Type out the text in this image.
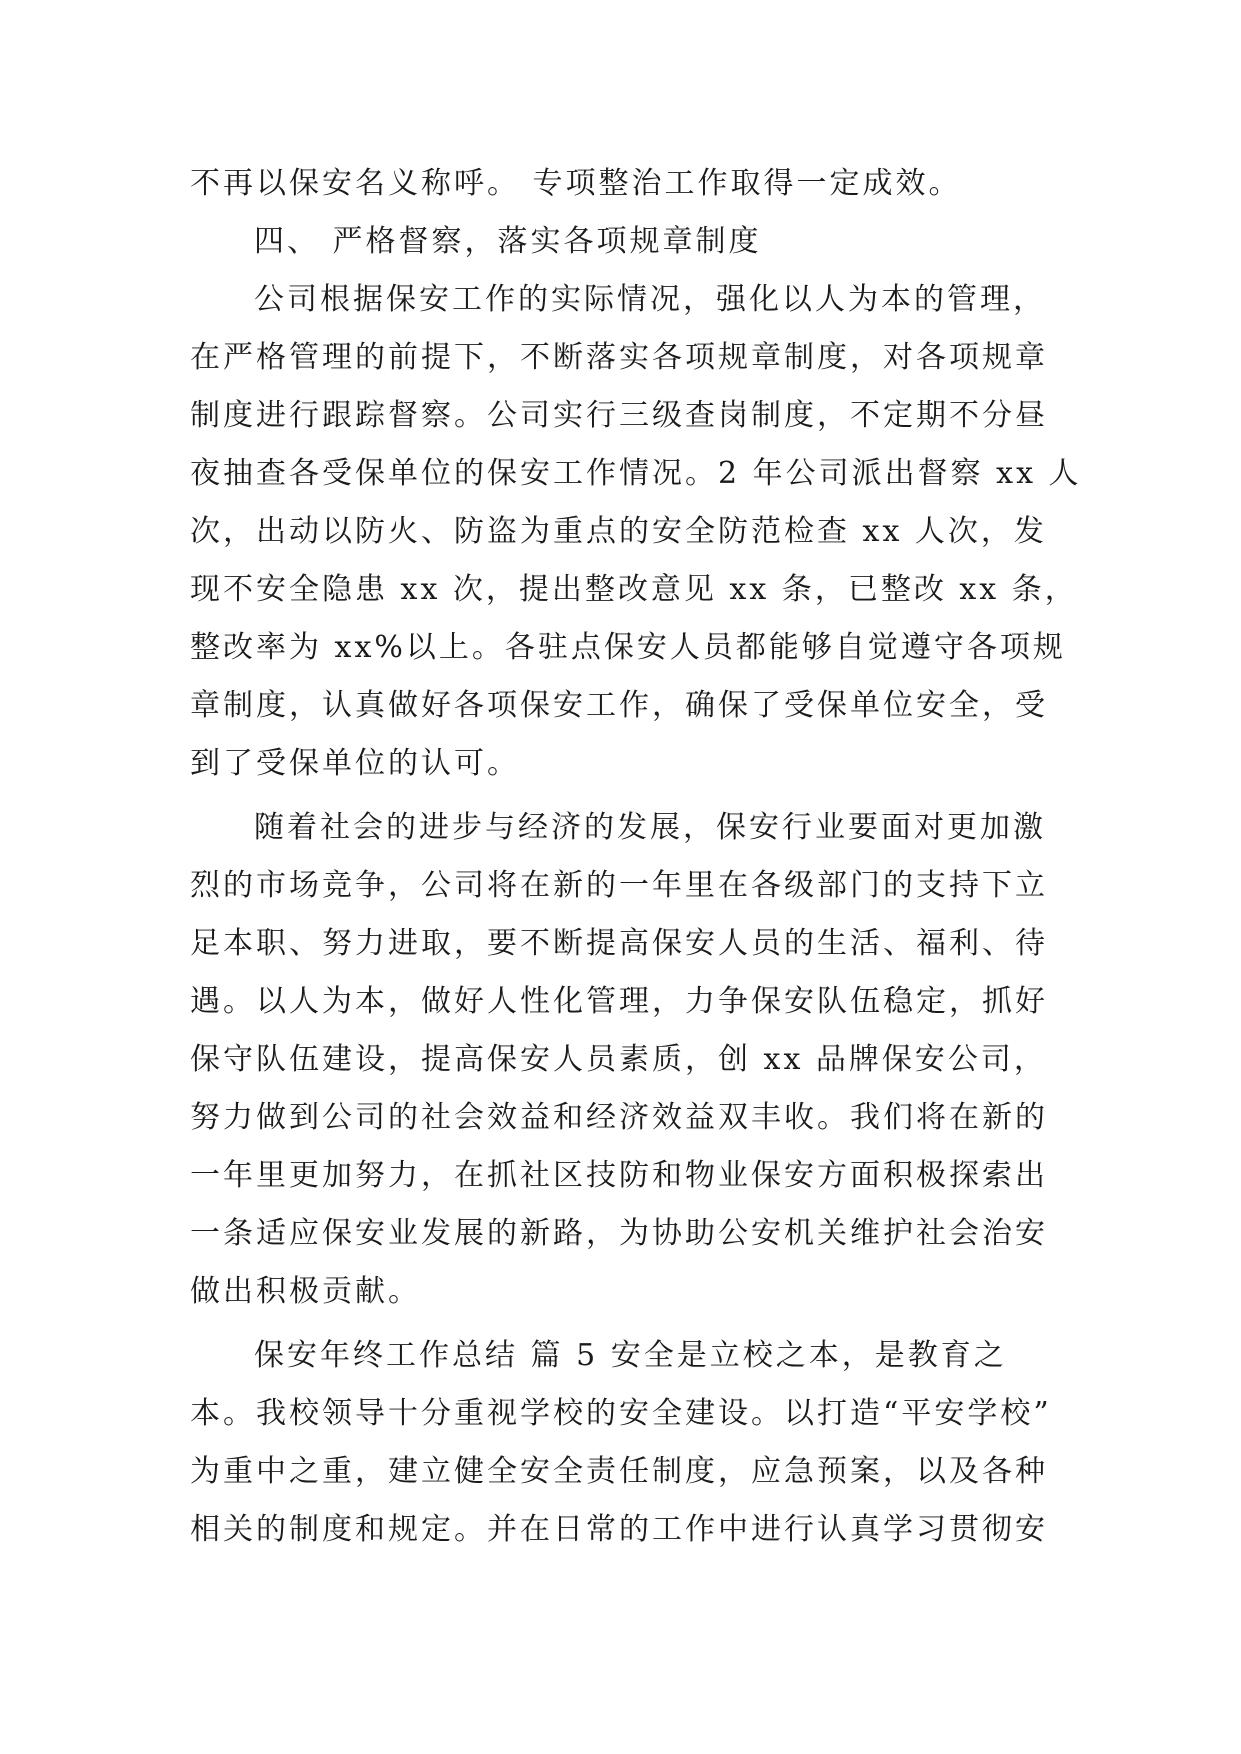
不再以保安名义称呼。 专项整治工作取得一定成效。
四、 严格督察，落实各项规章制度
公司根据保安工作的实际情况，强化以人为本的管理，
在严格管理的前提下，不断落实各项规章制度，对各项规章
制度进行跟踪督察。公司实行三级查岗制度，不定期不分昼
夜抽查各受保单位的保安工作情况。2 年公司派出督察 xx 人
次，出动以防火、防盗为重点的安全防范检查 xx 人次，发
现不安全隐患 xx 次，提出整改意见 xx 条，已整改 xx 条，
整改率为 xx%以上。各驻点保安人员都能够自觉遵守各项规
章制度，认真做好各项保安工作，确保了受保单位安全，受
到了受保单位的认可。
随着社会的进步与经济的发展，保安行业要面对更加激
烈的市场竞争，公司将在新的一年里在各级部门的支持下立
足本职、努力进取，要不断提高保安人员的生活、福利、待
遇。以人为本，做好人性化管理，力争保安队伍稳定，抓好
保守队伍建设，提高保安人员素质，创 xx 品牌保安公司，
努力做到公司的社会效益和经济效益双丰收。我们将在新的
一年里更加努力，在抓社区技防和物业保安方面积极探索出
一条适应保安业发展的新路，为协助公安机关维护社会治安
做出积极贡献。
保安年终工作总结 篇 5 安全是立校之本，是教育之
本。我校领导十分重视学校的安全建设。以打造“平安学校”
为重中之重，建立健全安全责任制度，应急预案，以及各种
相关的制度和规定。并在日常的工作中进行认真学习贯彻安
